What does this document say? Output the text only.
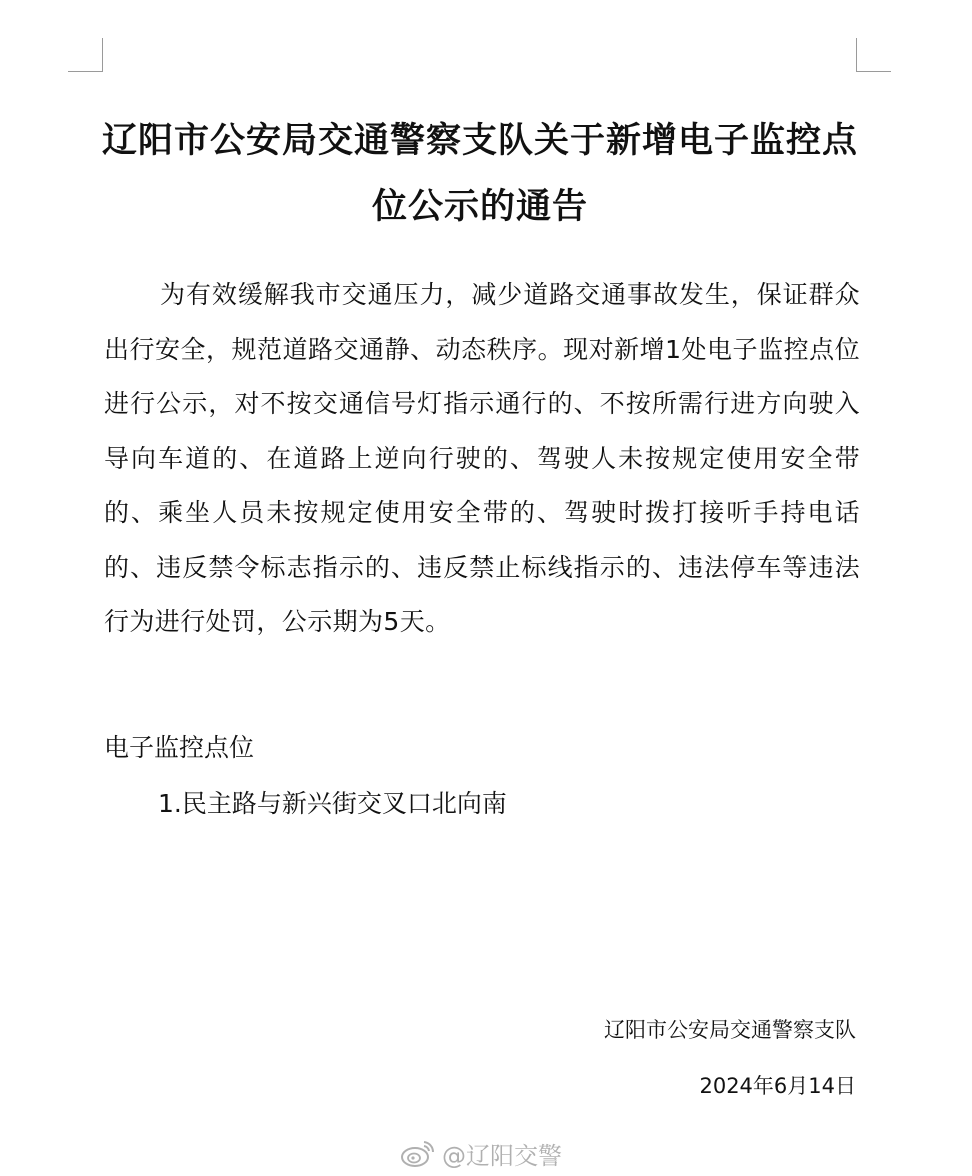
辽阳市公安局交通警察支队关于新增电子监控点位公示的通告

为有效缓解我市交通压力，减少道路交通事故发生，保证群众出行安全，规范道路交通静、动态秩序。现对新增1处电子监控点位进行公示，对不按交通信号灯指示通行的、不按所需行进方向驶入导向车道的、在道路上逆向行驶的、驾驶人未按规定使用安全带的、乘坐人员未按规定使用安全带的、驾驶时拨打接听手持电话的、违反禁令标志指示的、违反禁止标线指示的、违法停车等违法行为进行处罚，公示期为5天。

电子监控点位

1.民主路与新兴街交叉口北向南

辽阳市公安局交通警察支队

2024年6月14日

@辽阳交警
